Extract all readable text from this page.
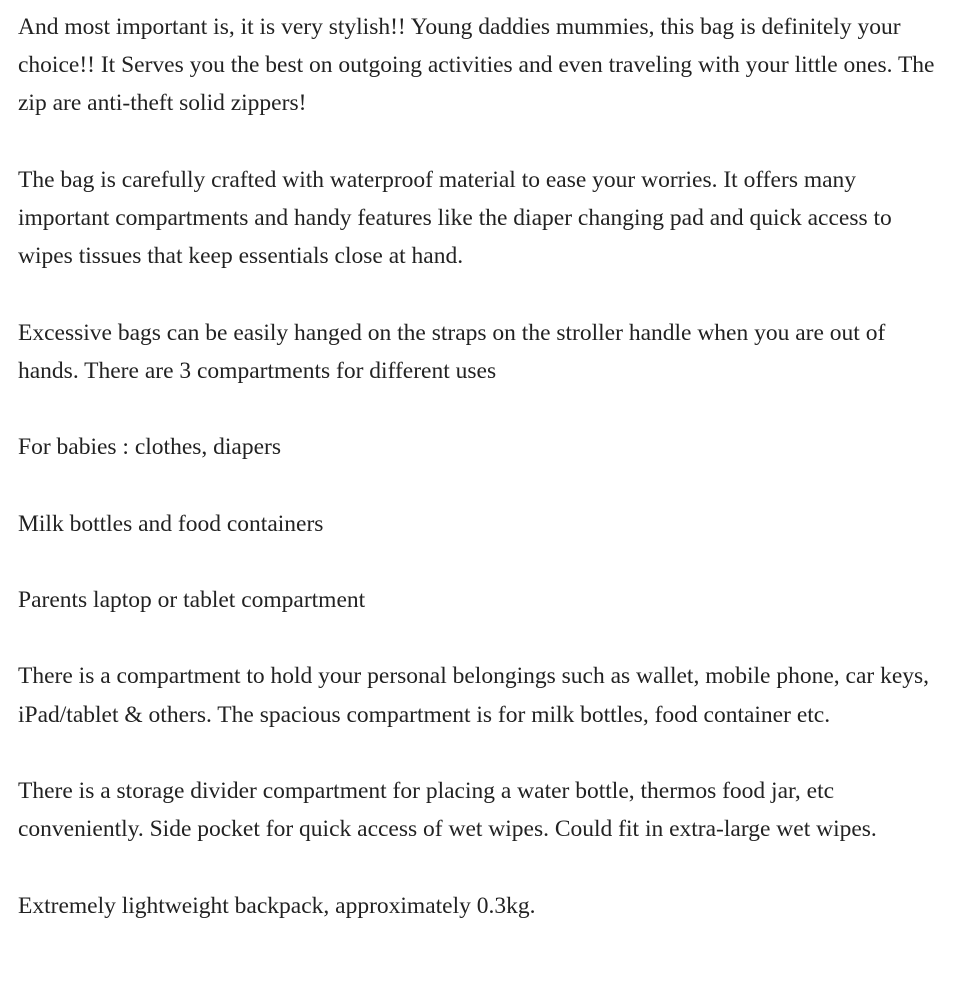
And most important is, it is very stylish!! Young daddies mummies, this bag is definitely your choice!! It Serves you the best on outgoing activities and even traveling with your little ones. The zip are anti-theft solid zippers!

The bag is carefully crafted with waterproof material to ease your worries. It offers many important compartments and handy features like the diaper changing pad and quick access to wipes tissues that keep essentials close at hand.

Excessive bags can be easily hanged on the straps on the stroller handle when you are out of hands. There are 3 compartments for different uses

For babies : clothes, diapers

Milk bottles and food containers

Parents laptop or tablet compartment

There is a compartment to hold your personal belongings such as wallet, mobile phone, car keys, iPad/tablet & others. The spacious compartment is for milk bottles, food container etc.

There is a storage divider compartment for placing a water bottle, thermos food jar, etc conveniently. Side pocket for quick access of wet wipes. Could fit in extra-large wet wipes.

Extremely lightweight backpack, approximately 0.3kg.
